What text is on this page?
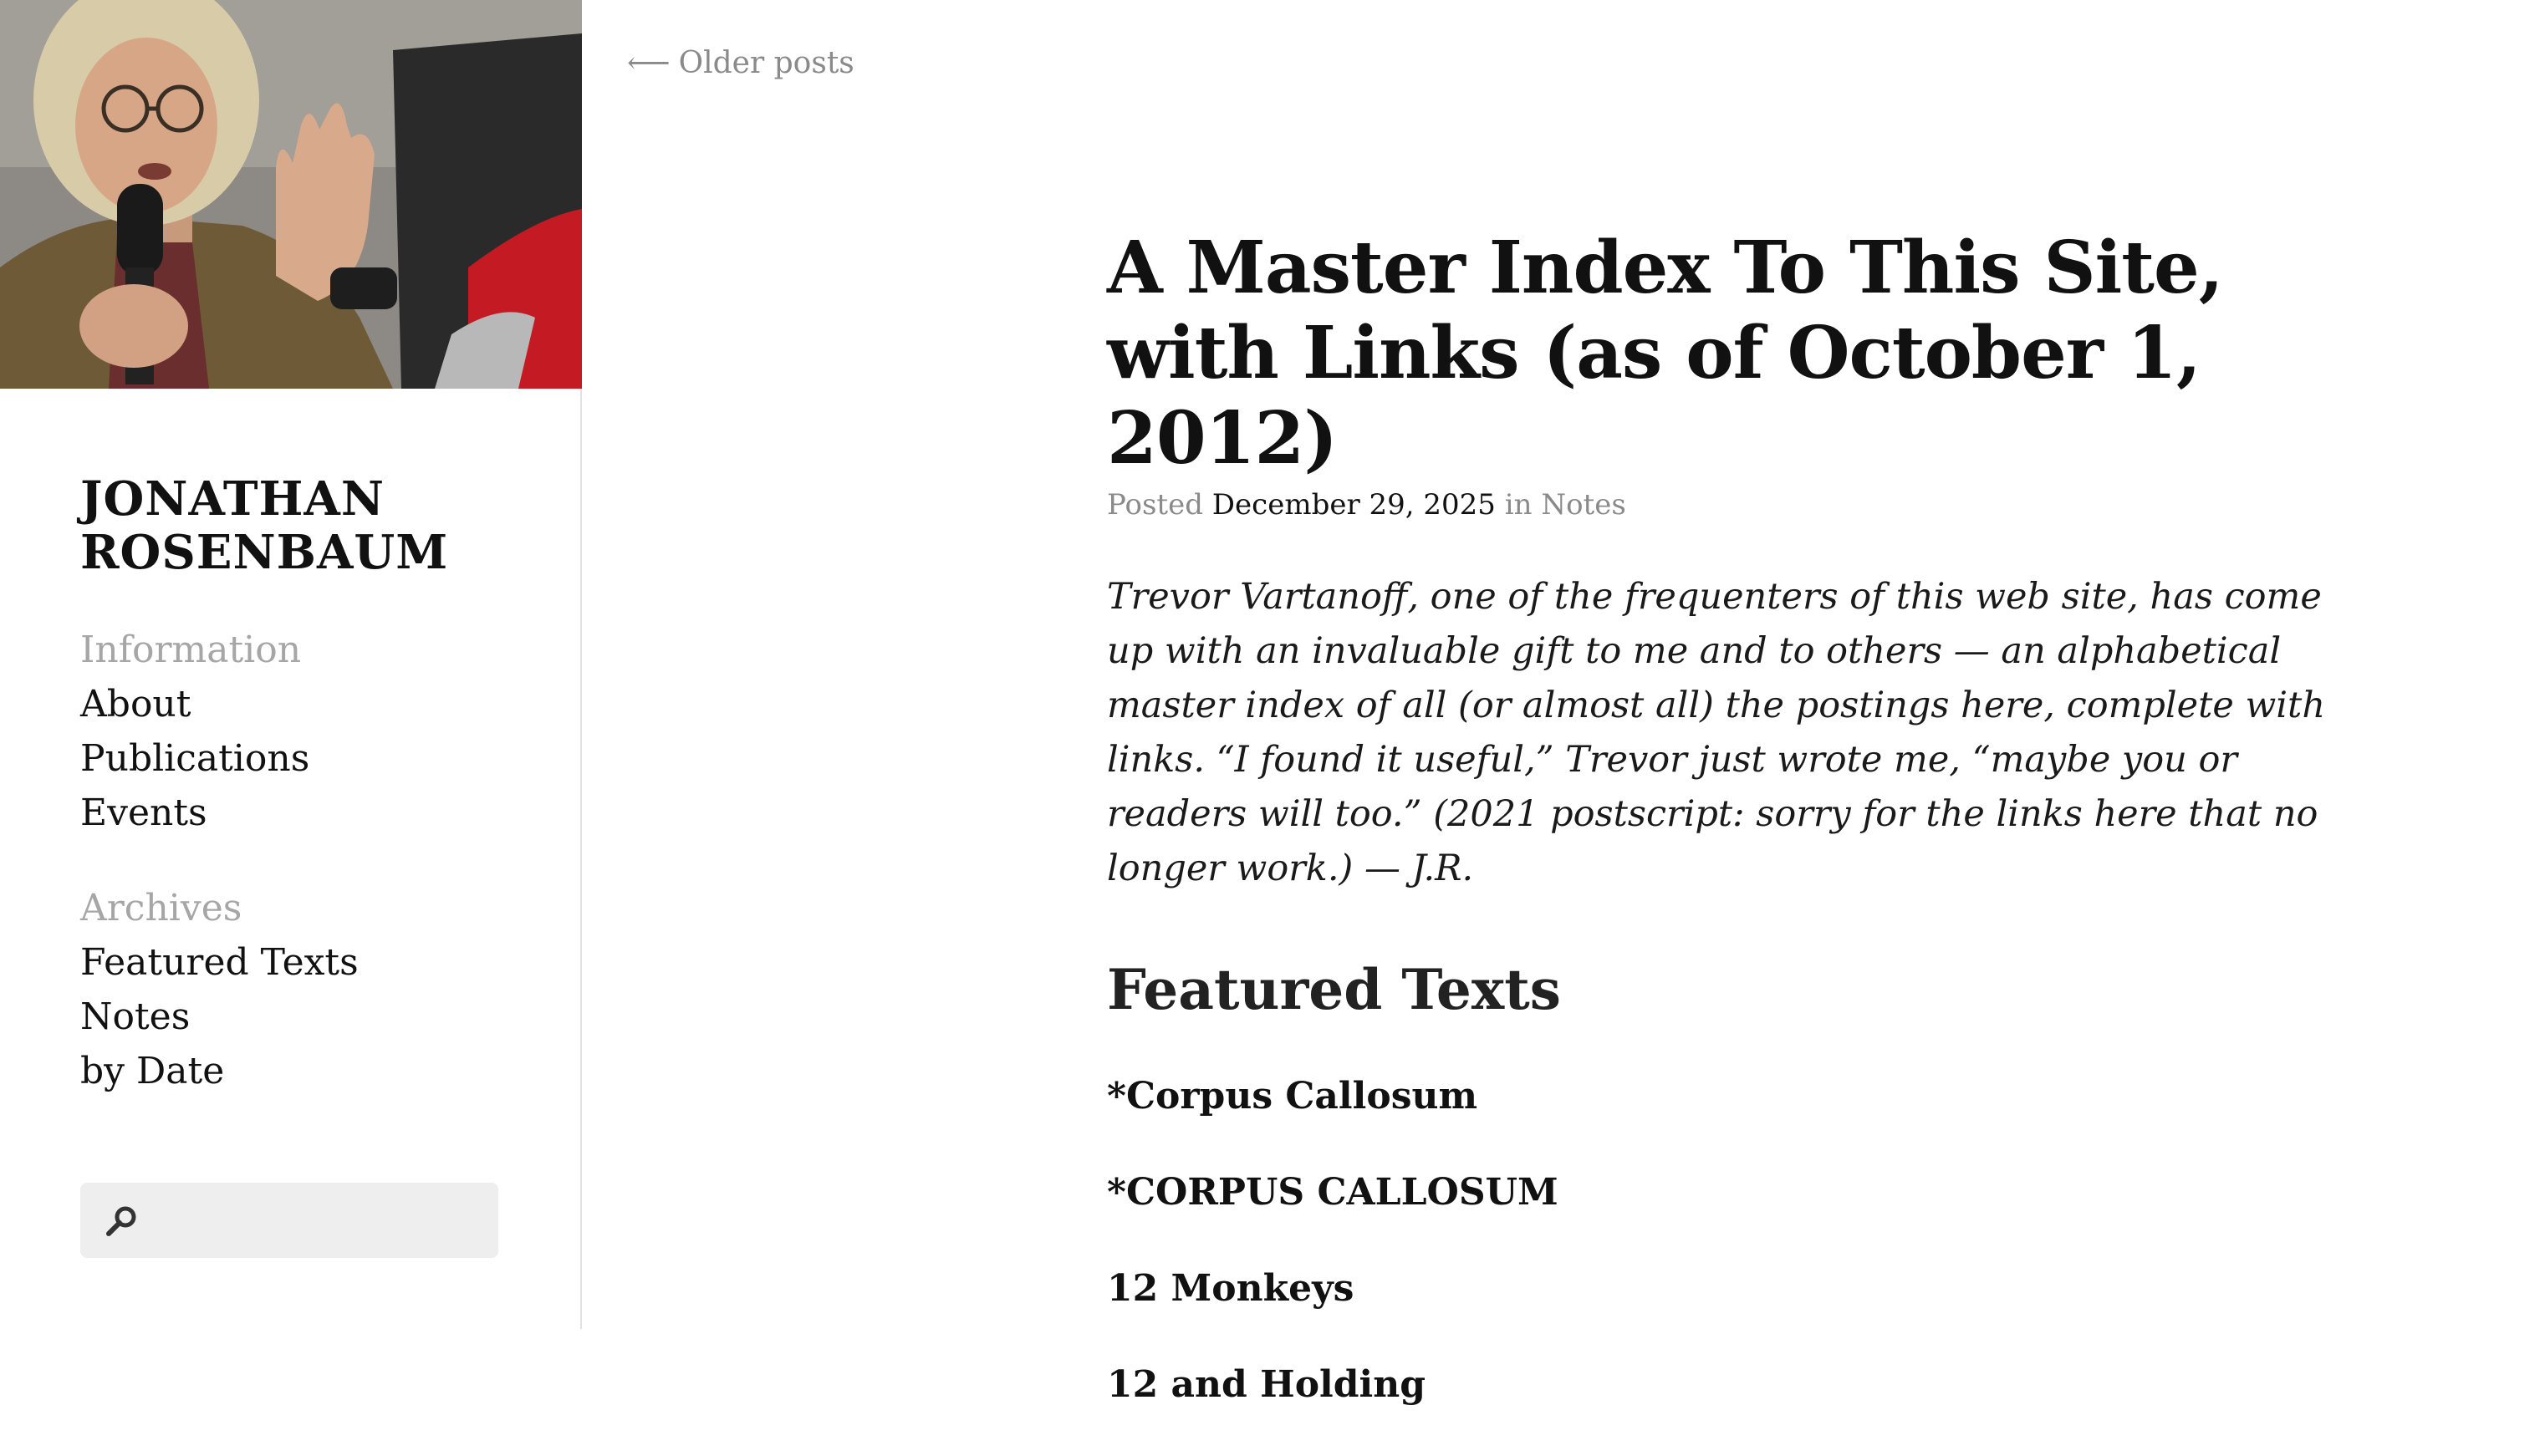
JONATHAN
ROSENBAUM
Information
About
Publications
Events
Archives
Featured Texts
Notes
by Date
⟵ Older posts
A Master Index To This Site, with Links (as of October 1, 2012)
Posted December 29, 2025 in Notes

Trevor Vartanoff, one of the frequenters of this web site, has come up with an invaluable gift to me and to others — an alphabetical master index of all (or almost all) the postings here, complete with links. “I found it useful,” Trevor just wrote me, “maybe you or readers will too.” (2021 postscript: sorry for the links here that no longer work.) — J.R.

Featured Texts
*Corpus Callosum
*CORPUS CALLOSUM
12 Monkeys
12 and Holding
